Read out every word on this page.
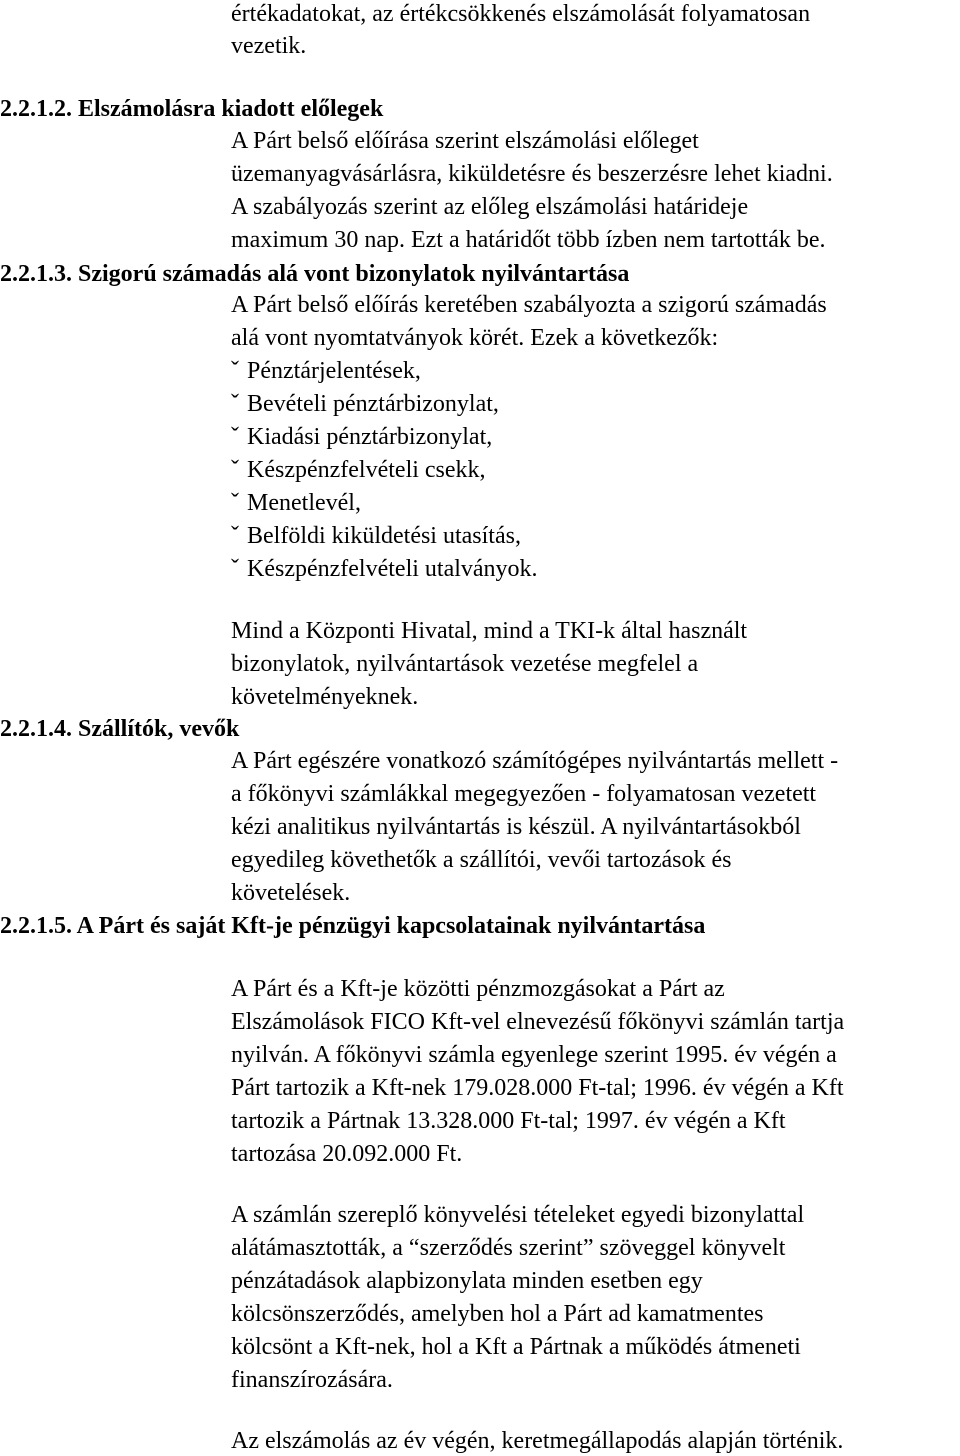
értékadatokat, az értékcsökkenés elszámolását folyamatosan
vezetik.
2.2.1.2. Elszámolásra kiadott előlegek
A Párt belső előírása szerint elszámolási előleget
üzemanyagvásárlásra, kiküldetésre és beszerzésre lehet kiadni.
A szabályozás szerint az előleg elszámolási határideje
maximum 30 nap. Ezt a határidőt több ízben nem tartották be.
2.2.1.3. Szigorú számadás alá vont bizonylatok nyilvántartása
A Párt belső előírás keretében szabályozta a szigorú számadás
alá vont nyomtatványok körét. Ezek a következők:
ˇ Pénztárjelentések,
ˇ Bevételi pénztárbizonylat,
ˇ Kiadási pénztárbizonylat,
ˇ Készpénzfelvételi csekk,
ˇ Menetlevél,
ˇ Belföldi kiküldetési utasítás,
ˇ Készpénzfelvételi utalványok.
Mind a Központi Hivatal, mind a TKI-k által használt
bizonylatok, nyilvántartások vezetése megfelel a
követelményeknek.
2.2.1.4. Szállítók, vevők
A Párt egészére vonatkozó számítógépes nyilvántartás mellett -
a főkönyvi számlákkal megegyezően - folyamatosan vezetett
kézi analitikus nyilvántartás is készül. A nyilvántartásokból
egyedileg követhetők a szállítói, vevői tartozások és
követelések.
2.2.1.5. A Párt és saját Kft-je pénzügyi kapcsolatainak nyilvántartása
A Párt és a Kft-je közötti pénzmozgásokat a Párt az
Elszámolások FICO Kft-vel elnevezésű főkönyvi számlán tartja
nyilván. A főkönyvi számla egyenlege szerint 1995. év végén a
Párt tartozik a Kft-nek 179.028.000 Ft-tal; 1996. év végén a Kft
tartozik a Pártnak 13.328.000 Ft-tal; 1997. év végén a Kft
tartozása 20.092.000 Ft.
A számlán szereplő könyvelési tételeket egyedi bizonylattal
alátámasztották, a “szerződés szerint” szöveggel könyvelt
pénzátadások alapbizonylata minden esetben egy
kölcsönszerződés, amelyben hol a Párt ad kamatmentes
kölcsönt a Kft-nek, hol a Kft a Pártnak a működés átmeneti
finanszírozására.
Az elszámolás az év végén, keretmegállapodás alapján történik.
